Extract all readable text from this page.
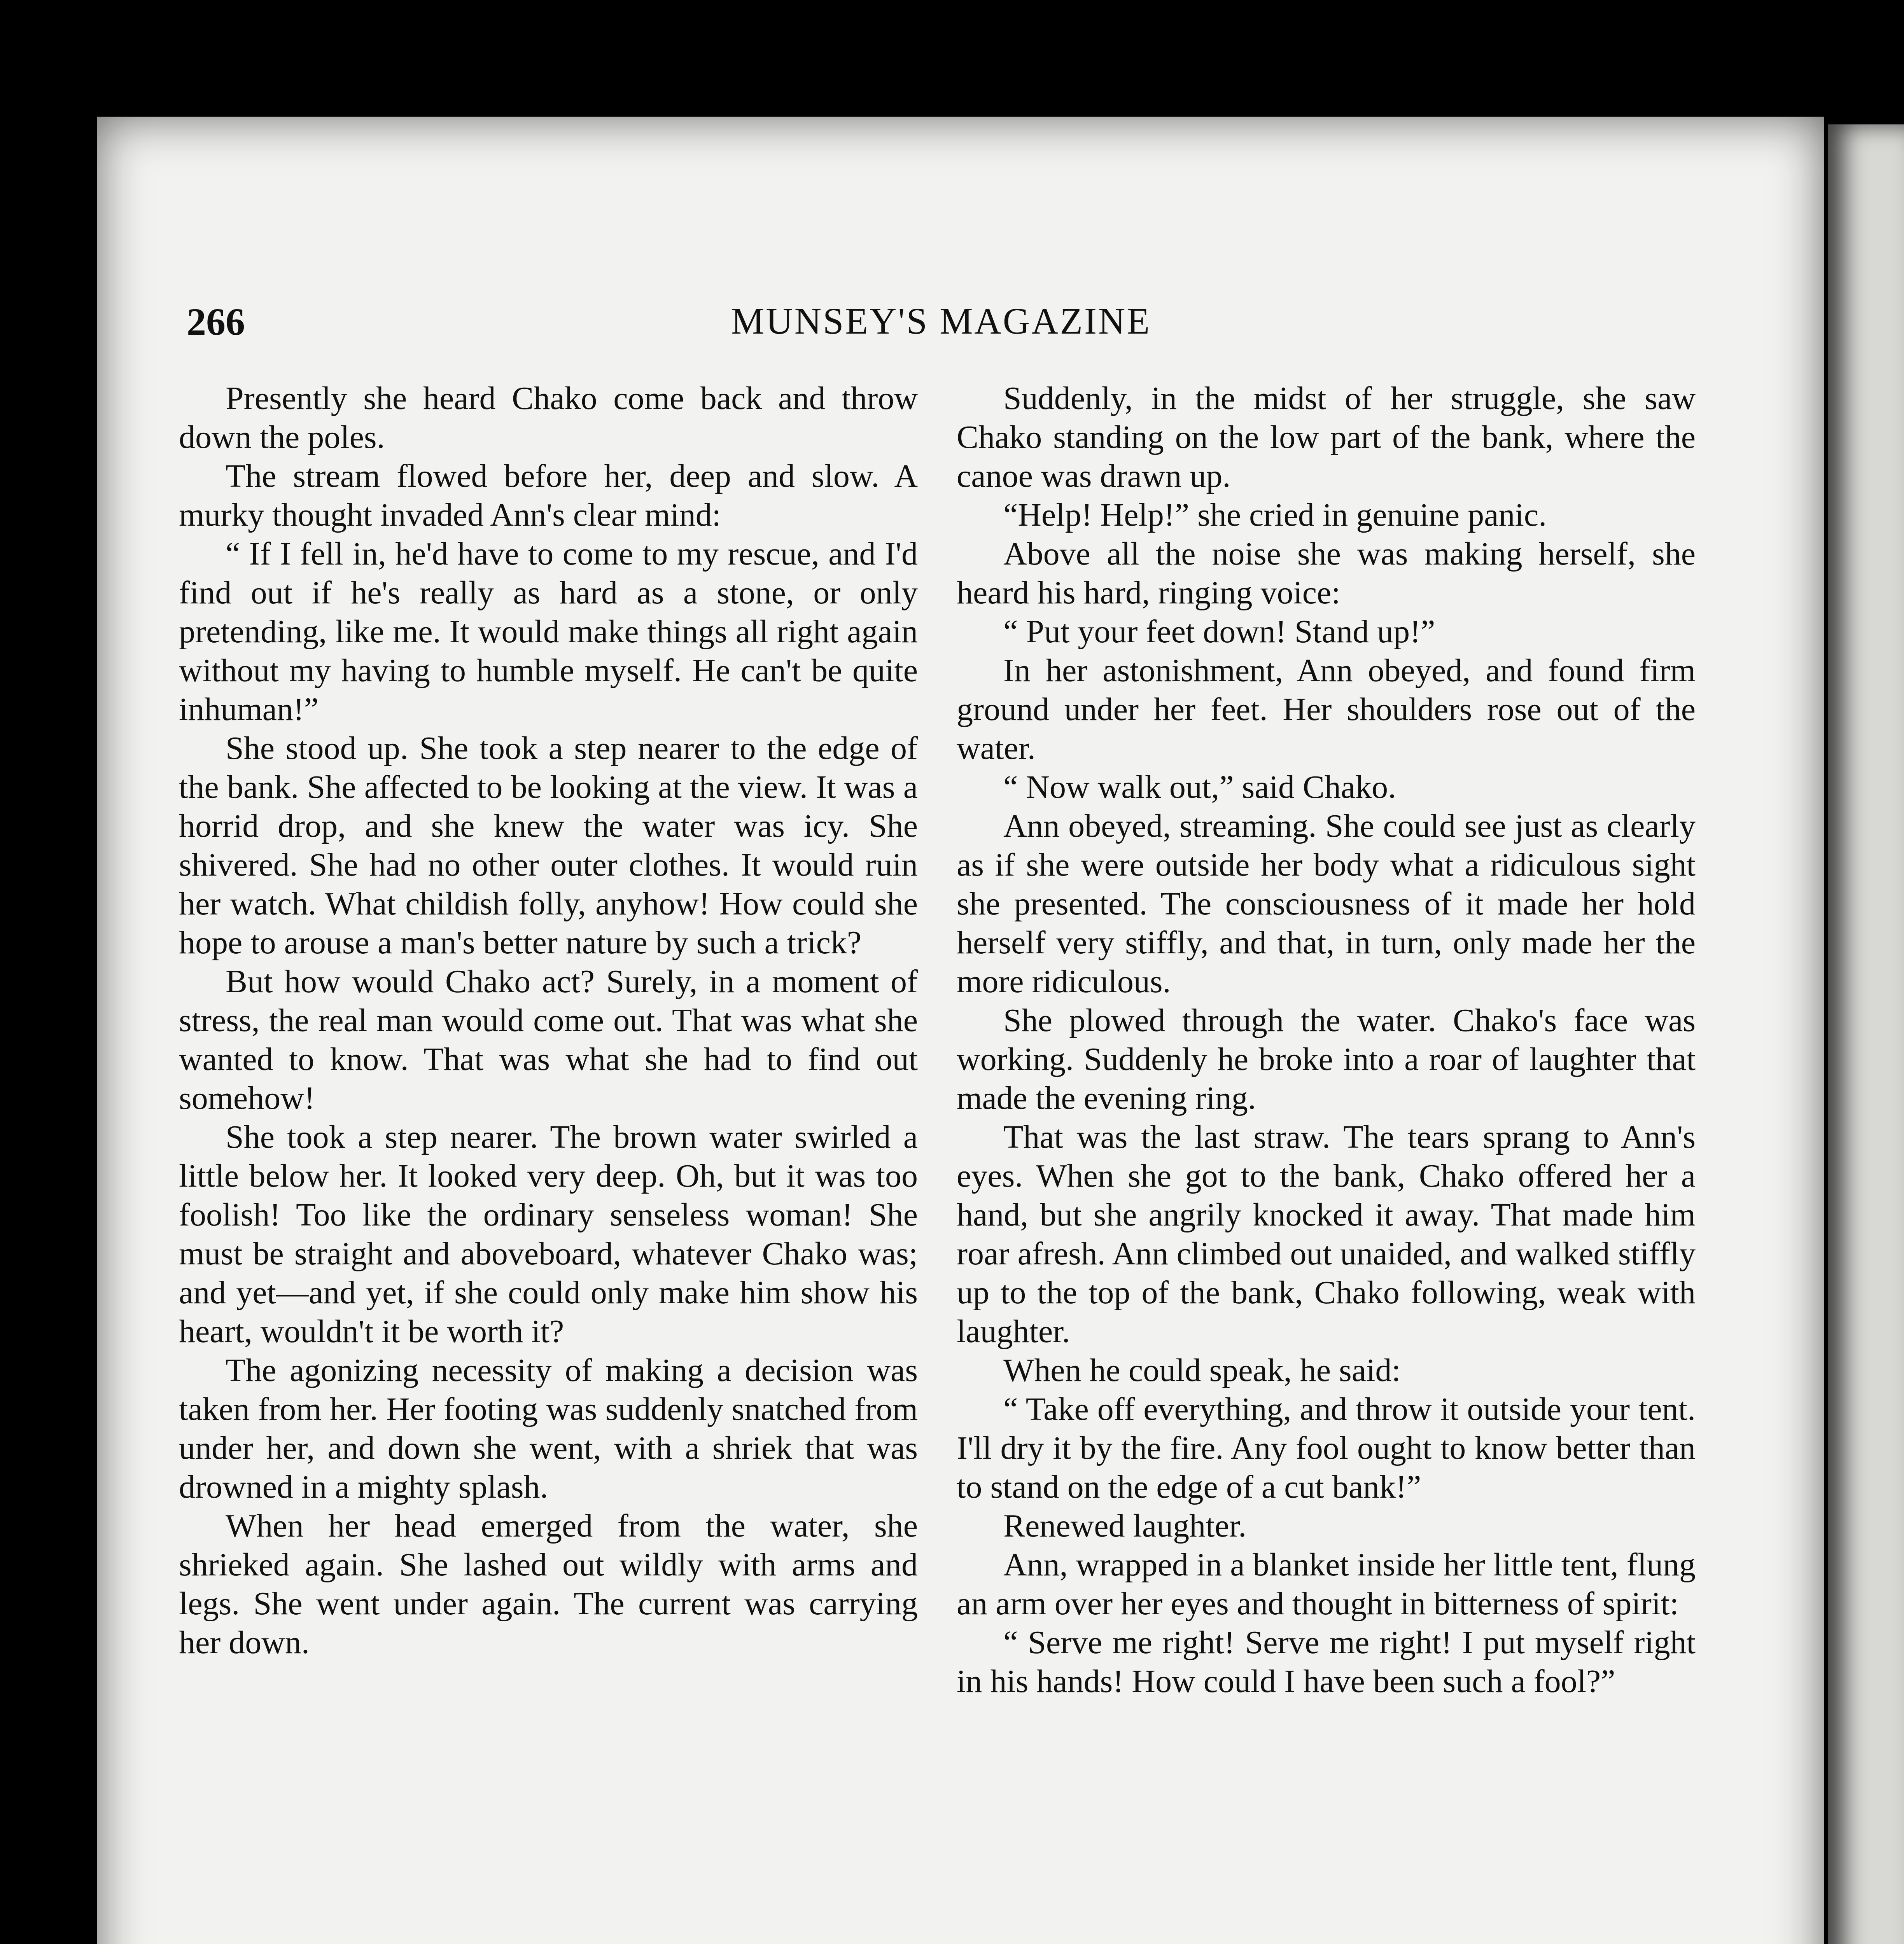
266	MUNSEY'S MAGAZINE

Presently she heard Chako come back and throw down the poles.

The stream flowed before her, deep and slow. A murky thought invaded Ann's clear mind:

“ If I fell in, he'd have to come to my rescue, and I'd find out if he's really as hard as a stone, or only pretending, like me. It would make things all right again without my having to humble myself. He can't be quite inhuman!”

She stood up. She took a step nearer to the edge of the bank. She affected to be looking at the view. It was a horrid drop, and she knew the water was icy. She shivered. She had no other outer clothes. It would ruin her watch. What childish folly, anyhow! How could she hope to arouse a man's better nature by such a trick?

But how would Chako act? Surely, in a moment of stress, the real man would come out. That was what she wanted to know. That was what she had to find out somehow!

She took a step nearer. The brown water swirled a little below her. It looked very deep. Oh, but it was too foolish! Too like the ordinary senseless woman! She must be straight and aboveboard, whatever Chako was; and yet—and yet, if she could only make him show his heart, wouldn't it be worth it?

The agonizing necessity of making a decision was taken from her. Her footing was suddenly snatched from under her, and down she went, with a shriek that was drowned in a mighty splash.

When her head emerged from the water, she shrieked again. She lashed out wildly with arms and legs. She went under again. The current was carrying her down.

Suddenly, in the midst of her struggle, she saw Chako standing on the low part of the bank, where the canoe was drawn up.

“Help! Help!” she cried in genuine panic.

Above all the noise she was making herself, she heard his hard, ringing voice:

“ Put your feet down! Stand up!”

In her astonishment, Ann obeyed, and found firm ground under her feet. Her shoulders rose out of the water.

“ Now walk out,” said Chako.

Ann obeyed, streaming. She could see just as clearly as if she were outside her body what a ridiculous sight she presented. The consciousness of it made her hold herself very stiffly, and that, in turn, only made her the more ridiculous.

She plowed through the water. Chako's face was working. Suddenly he broke into a roar of laughter that made the evening ring.

That was the last straw. The tears sprang to Ann's eyes. When she got to the bank, Chako offered her a hand, but she angrily knocked it away. That made him roar afresh. Ann climbed out unaided, and walked stiffly up to the top of the bank, Chako following, weak with laughter.

When he could speak, he said:

“ Take off everything, and throw it outside your tent. I'll dry it by the fire. Any fool ought to know better than to stand on the edge of a cut bank!”

Renewed laughter.

Ann, wrapped in a blanket inside her little tent, flung an arm over her eyes and thought in bitterness of spirit:

“ Serve me right! Serve me right! I put myself right in his hands! How could I have been such a fool?”
